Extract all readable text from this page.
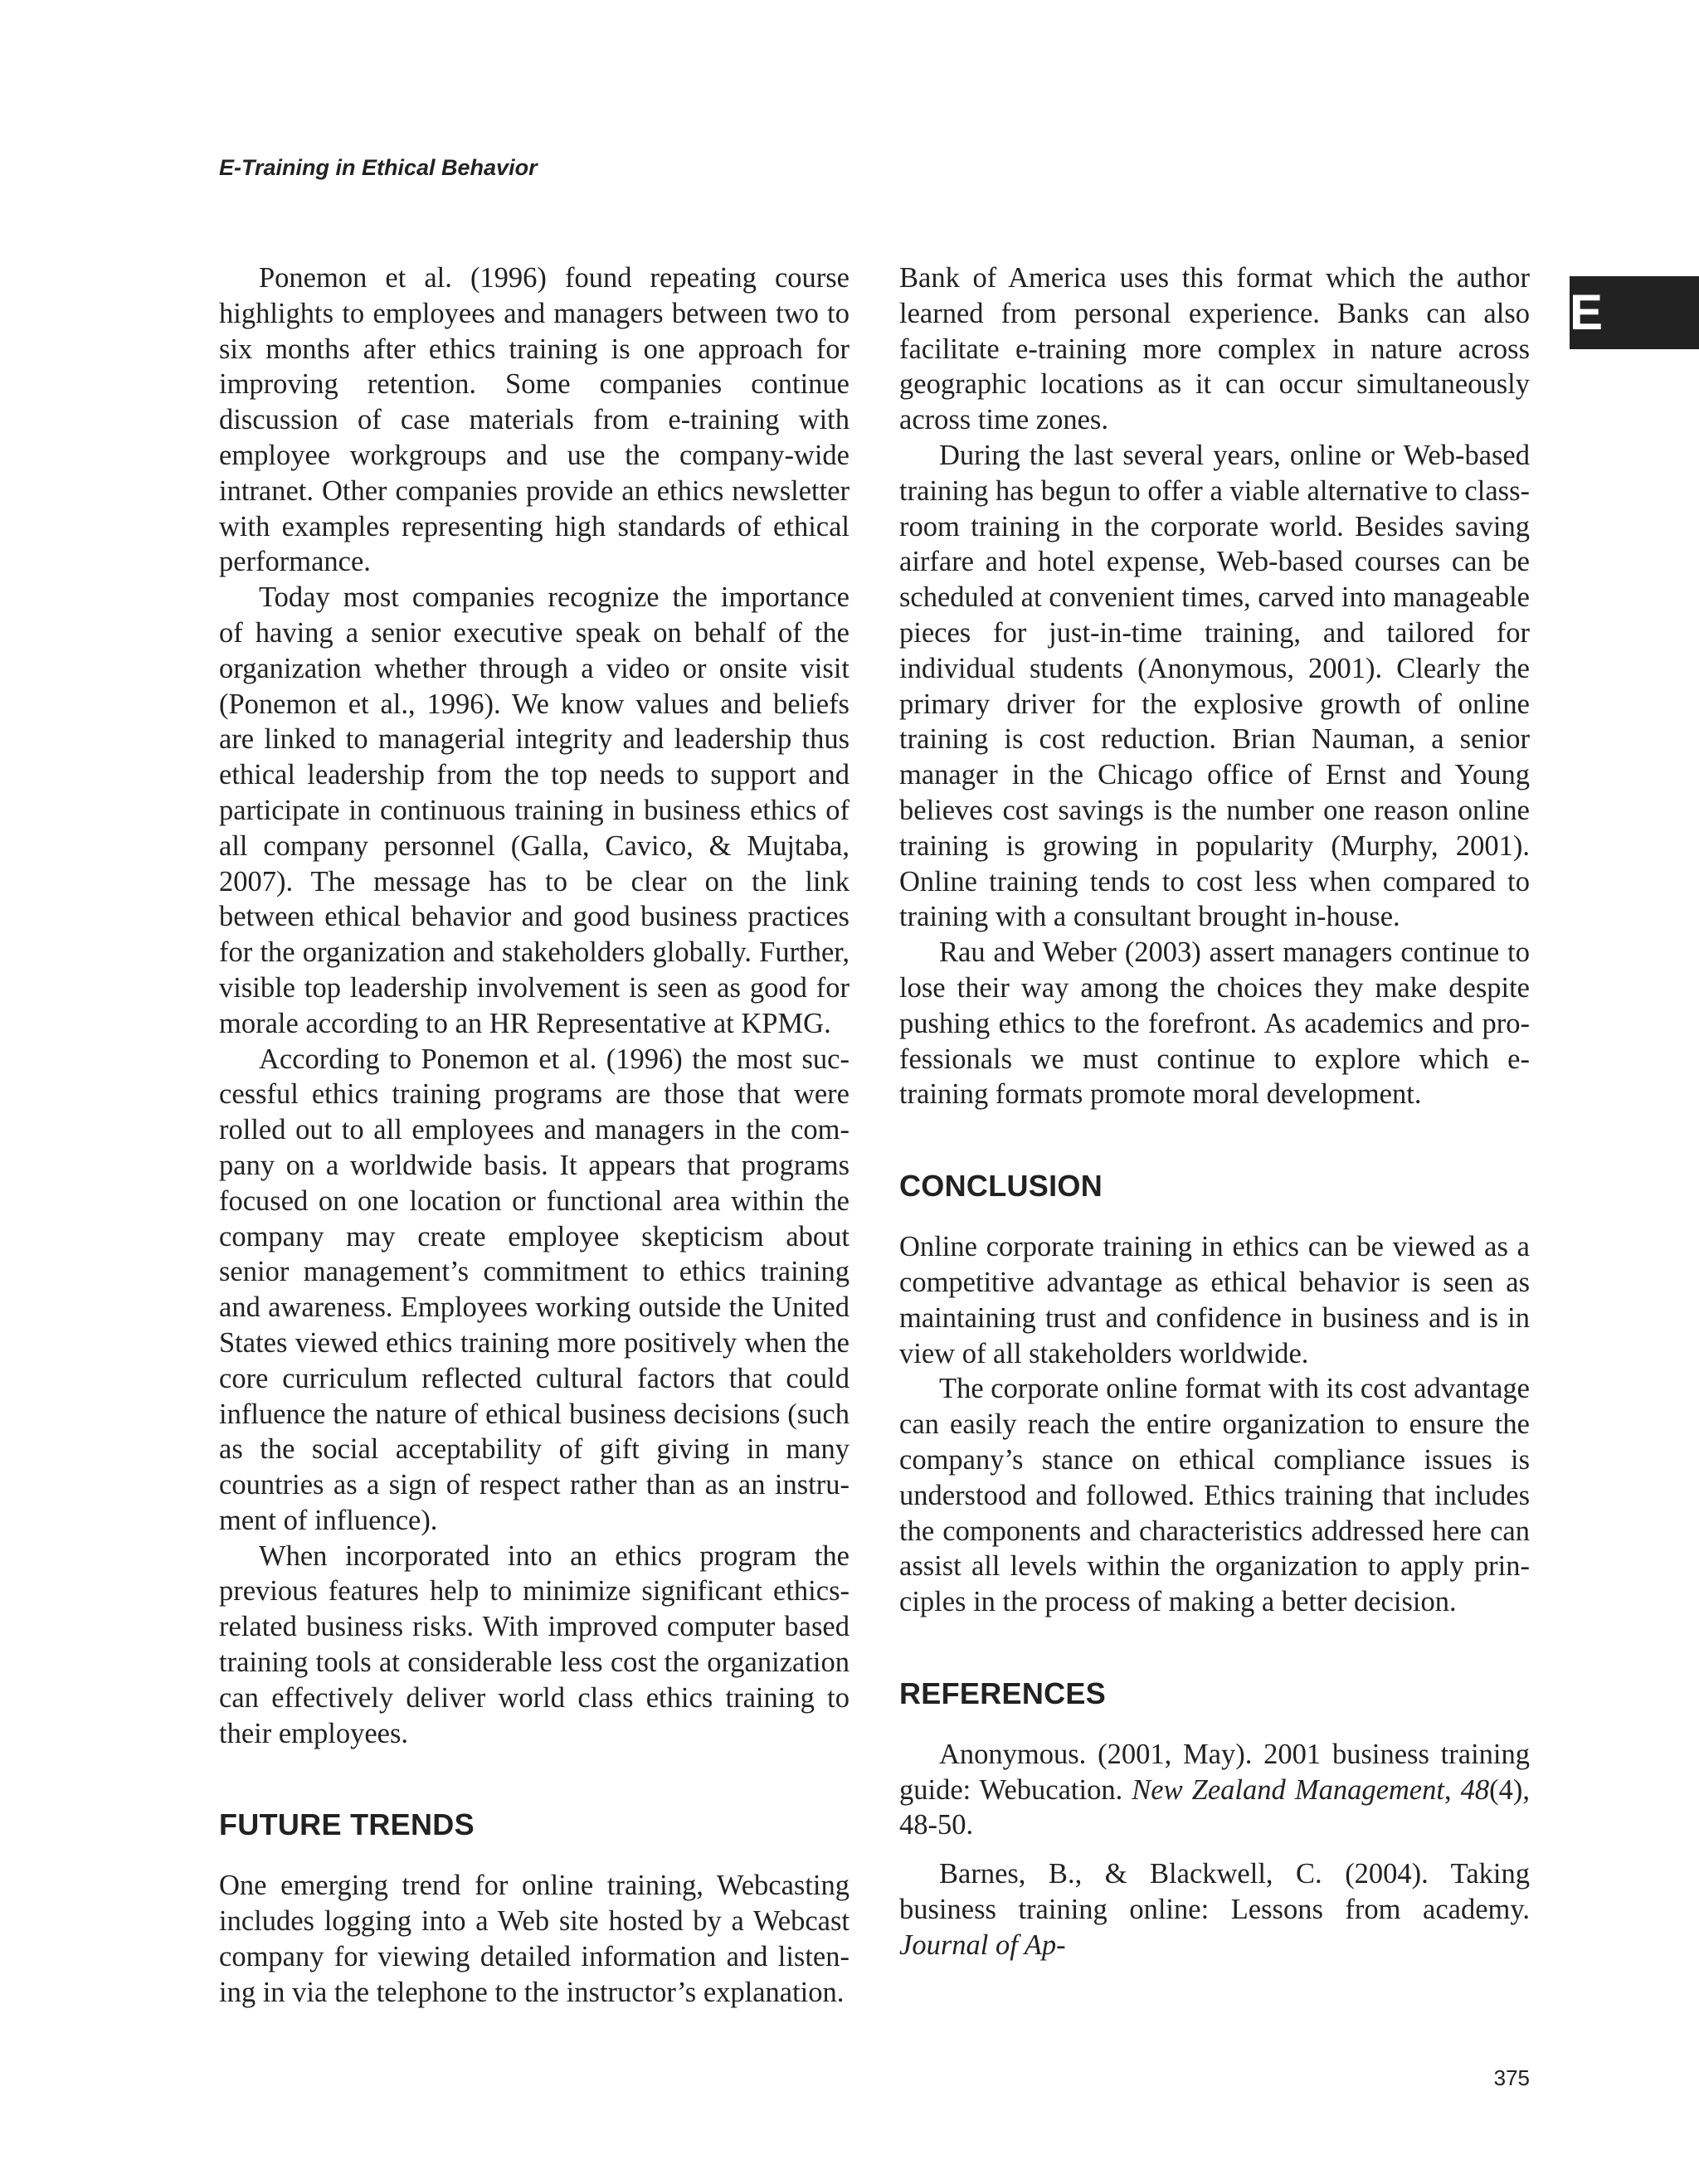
E-Training in Ethical Behavior
E

Ponemon et al. (1996) found repeating course highlights to employees and managers between two to six months after ethics training is one approach for improving retention. Some companies continue discussion of case materials from e-training with employee workgroups and use the company-wide intranet. Other companies provide an ethics newsletter with examples representing high standards of ethical performance.

Today most companies recognize the importance of having a senior executive speak on behalf of the organization whether through a video or onsite visit (Ponemon et al., 1996). We know values and beliefs are linked to managerial integrity and leadership thus ethical leadership from the top needs to support and participate in continuous training in business ethics of all company personnel (Galla, Cavico, & Mujtaba, 2007). The message has to be clear on the link between ethical behavior and good business practices for the organization and stakeholders globally. Further, visible top leadership involvement is seen as good for morale according to an HR Representative at KPMG.

According to Ponemon et al. (1996) the most successful ethics training programs are those that were rolled out to all employees and managers in the company on a worldwide basis. It appears that programs focused on one location or functional area within the company may create employee skepticism about senior management’s commitment to ethics training and awareness. Employees working outside the United States viewed ethics training more positively when the core curriculum reflected cultural factors that could influence the nature of ethical business decisions (such as the social acceptability of gift giving in many countries as a sign of respect rather than as an instrument of influence).

When incorporated into an ethics program the previous features help to minimize significant ethics-related business risks. With improved computer based training tools at considerable less cost the organization can effectively deliver world class ethics training to their employees.

FUTURE TRENDS

One emerging trend for online training, Webcasting includes logging into a Web site hosted by a Webcast company for viewing detailed information and listening in via the telephone to the instructor’s explanation.

Bank of America uses this format which the author learned from personal experience. Banks can also facilitate e-training more complex in nature across geographic locations as it can occur simultaneously across time zones.

During the last several years, online or Web-based training has begun to offer a viable alternative to classroom training in the corporate world. Besides saving airfare and hotel expense, Web-based courses can be scheduled at convenient times, carved into manageable pieces for just-in-time training, and tailored for individual students (Anonymous, 2001). Clearly the primary driver for the explosive growth of online training is cost reduction. Brian Nauman, a senior manager in the Chicago office of Ernst and Young believes cost savings is the number one reason online training is growing in popularity (Murphy, 2001). Online training tends to cost less when compared to training with a consultant brought in-house.

Rau and Weber (2003) assert managers continue to lose their way among the choices they make despite pushing ethics to the forefront. As academics and professionals we must continue to explore which e-training formats promote moral development.

CONCLUSION

Online corporate training in ethics can be viewed as a competitive advantage as ethical behavior is seen as maintaining trust and confidence in business and is in view of all stakeholders worldwide.

The corporate online format with its cost advantage can easily reach the entire organization to ensure the company’s stance on ethical compliance issues is understood and followed. Ethics training that includes the components and characteristics addressed here can assist all levels within the organization to apply principles in the process of making a better decision.

REFERENCES

Anonymous. (2001, May). 2001 business training guide: Webucation. New Zealand Management, 48(4), 48-50.

Barnes, B., & Blackwell, C. (2004). Taking business training online: Lessons from academy. Journal of Ap-

375
